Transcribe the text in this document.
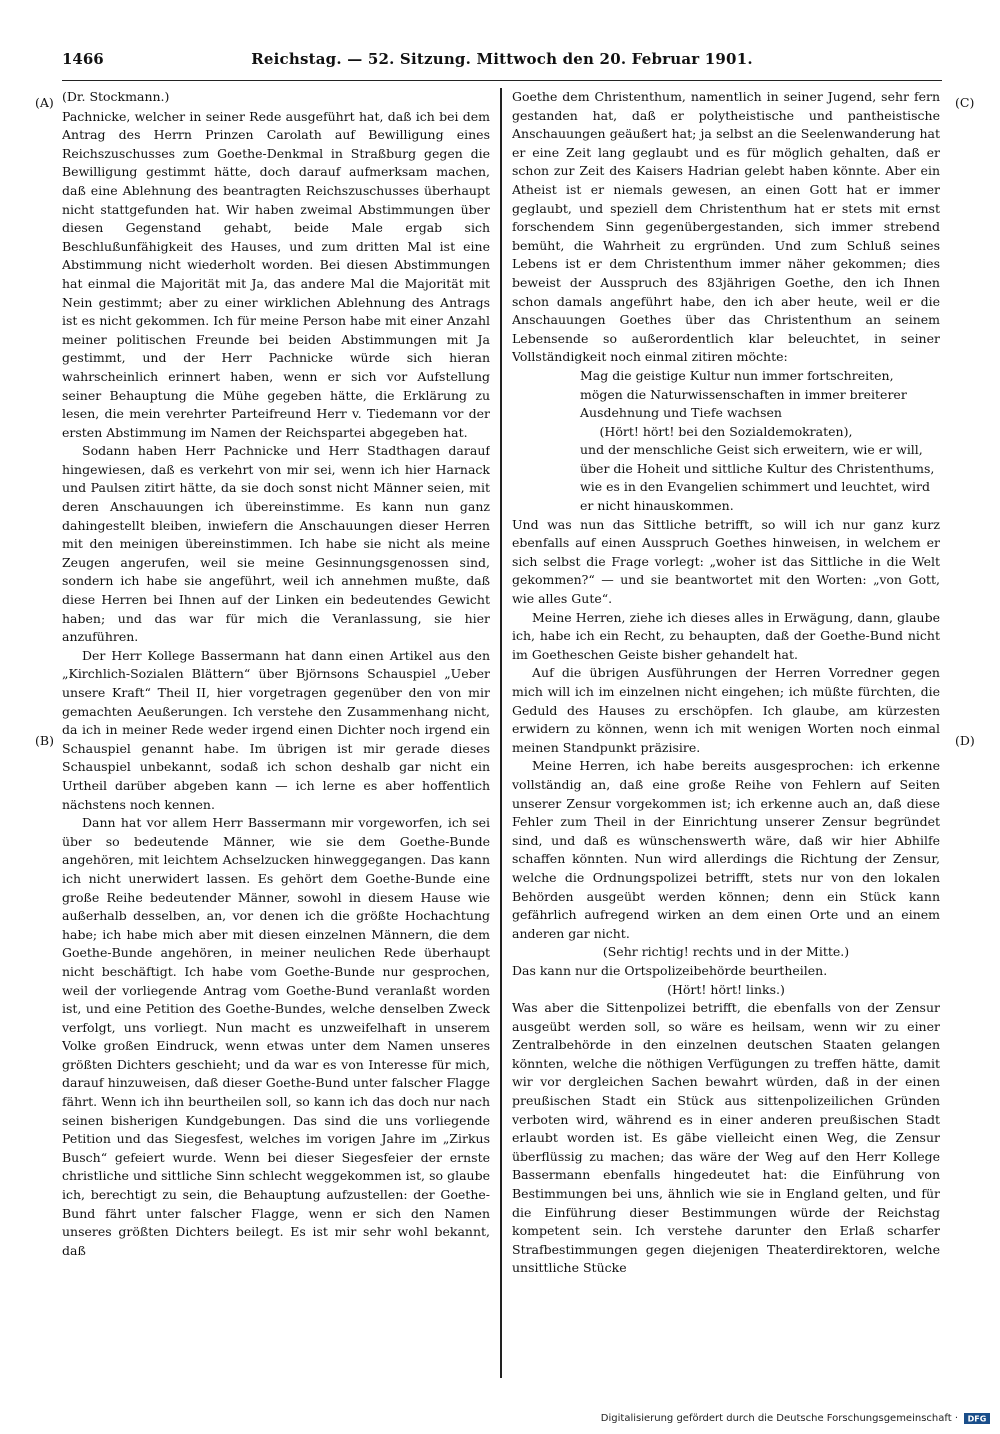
1466	Reichstag. — 52. Sitzung. Mittwoch den 20. Februar 1901.
(A)
(B)
(C)
(D)

(Dr. Stockmann.)

Pachnicke, welcher in seiner Rede ausgeführt hat, daß ich bei dem Antrag des Herrn Prinzen Carolath auf Bewilligung eines Reichszuschusses zum Goethe-Denkmal in Straßburg gegen die Bewilligung gestimmt hätte, doch darauf aufmerksam machen, daß eine Ablehnung des beantragten Reichszuschusses überhaupt nicht stattgefunden hat. Wir haben zweimal Abstimmungen über diesen Gegenstand gehabt, beide Male ergab sich Beschlußunfähigkeit des Hauses, und zum dritten Mal ist eine Abstimmung nicht wiederholt worden. Bei diesen Abstimmungen hat einmal die Majorität mit Ja, das andere Mal die Majorität mit Nein gestimmt; aber zu einer wirklichen Ablehnung des Antrags ist es nicht gekommen. Ich für meine Person habe mit einer Anzahl meiner politischen Freunde bei beiden Abstimmungen mit Ja gestimmt, und der Herr Pachnicke würde sich hieran wahrscheinlich erinnert haben, wenn er sich vor Aufstellung seiner Behauptung die Mühe gegeben hätte, die Erklärung zu lesen, die mein verehrter Parteifreund Herr v. Tiedemann vor der ersten Abstimmung im Namen der Reichspartei abgegeben hat.

Sodann haben Herr Pachnicke und Herr Stadthagen darauf hingewiesen, daß es verkehrt von mir sei, wenn ich hier Harnack und Paulsen zitirt hätte, da sie doch sonst nicht Männer seien, mit deren Anschauungen ich übereinstimme. Es kann nun ganz dahingestellt bleiben, inwiefern die Anschauungen dieser Herren mit den meinigen übereinstimmen. Ich habe sie nicht als meine Zeugen angerufen, weil sie meine Gesinnungsgenossen sind, sondern ich habe sie angeführt, weil ich annehmen mußte, daß diese Herren bei Ihnen auf der Linken ein bedeutendes Gewicht haben; und das war für mich die Veranlassung, sie hier anzuführen.

Der Herr Kollege Bassermann hat dann einen Artikel aus den „Kirchlich-Sozialen Blättern“ über Björnsons Schauspiel „Ueber unsere Kraft“ Theil II, hier vorgetragen gegenüber den von mir gemachten Aeußerungen. Ich verstehe den Zusammenhang nicht, da ich in meiner Rede weder irgend einen Dichter noch irgend ein Schauspiel genannt habe. Im übrigen ist mir gerade dieses Schauspiel unbekannt, sodaß ich schon deshalb gar nicht ein Urtheil darüber abgeben kann — ich lerne es aber hoffentlich nächstens noch kennen.

Dann hat vor allem Herr Bassermann mir vorgeworfen, ich sei über so bedeutende Männer, wie sie dem Goethe-Bunde angehören, mit leichtem Achselzucken hinweggegangen. Das kann ich nicht unerwidert lassen. Es gehört dem Goethe-Bunde eine große Reihe bedeutender Männer, sowohl in diesem Hause wie außerhalb desselben, an, vor denen ich die größte Hochachtung habe; ich habe mich aber mit diesen einzelnen Männern, die dem Goethe-Bunde angehören, in meiner neulichen Rede überhaupt nicht beschäftigt. Ich habe vom Goethe-Bunde nur gesprochen, weil der vorliegende Antrag vom Goethe-Bund veranlaßt worden ist, und eine Petition des Goethe-Bundes, welche denselben Zweck verfolgt, uns vorliegt. Nun macht es unzweifelhaft in unserem Volke großen Eindruck, wenn etwas unter dem Namen unseres größten Dichters geschieht; und da war es von Interesse für mich, darauf hinzuweisen, daß dieser Goethe-Bund unter falscher Flagge fährt. Wenn ich ihn beurtheilen soll, so kann ich das doch nur nach seinen bisherigen Kundgebungen. Das sind die uns vorliegende Petition und das Siegesfest, welches im vorigen Jahre im „Zirkus Busch“ gefeiert wurde. Wenn bei dieser Siegesfeier der ernste christliche und sittliche Sinn schlecht weggekommen ist, so glaube ich, berechtigt zu sein, die Behauptung aufzustellen: der Goethe-Bund fährt unter falscher Flagge, wenn er sich den Namen unseres größten Dichters beilegt. Es ist mir sehr wohl bekannt, daß

Goethe dem Christenthum, namentlich in seiner Jugend, sehr fern gestanden hat, daß er polytheistische und pantheistische Anschauungen geäußert hat; ja selbst an die Seelenwanderung hat er eine Zeit lang geglaubt und es für möglich gehalten, daß er schon zur Zeit des Kaisers Hadrian gelebt haben könnte. Aber ein Atheist ist er niemals gewesen, an einen Gott hat er immer geglaubt, und speziell dem Christenthum hat er stets mit ernst forschendem Sinn gegenübergestanden, sich immer strebend bemüht, die Wahrheit zu ergründen. Und zum Schluß seines Lebens ist er dem Christenthum immer näher gekommen; dies beweist der Ausspruch des 83jährigen Goethe, den ich Ihnen schon damals angeführt habe, den ich aber heute, weil er die Anschauungen Goethes über das Christenthum an seinem Lebensende so außerordentlich klar beleuchtet, in seiner Vollständigkeit noch einmal zitiren möchte:

Mag die geistige Kultur nun immer fortschreiten, mögen die Naturwissenschaften in immer breiterer Ausdehnung und Tiefe wachsen

(Hört! hört! bei den Sozialdemokraten),

und der menschliche Geist sich erweitern, wie er will, über die Hoheit und sittliche Kultur des Christenthums, wie es in den Evangelien schimmert und leuchtet, wird er nicht hinauskommen.

Und was nun das Sittliche betrifft, so will ich nur ganz kurz ebenfalls auf einen Ausspruch Goethes hinweisen, in welchem er sich selbst die Frage vorlegt: „woher ist das Sittliche in die Welt gekommen?“ — und sie beantwortet mit den Worten: „von Gott, wie alles Gute“.

Meine Herren, ziehe ich dieses alles in Erwägung, dann, glaube ich, habe ich ein Recht, zu behaupten, daß der Goethe-Bund nicht im Goetheschen Geiste bisher gehandelt hat.

Auf die übrigen Ausführungen der Herren Vorredner gegen mich will ich im einzelnen nicht eingehen; ich müßte fürchten, die Geduld des Hauses zu erschöpfen. Ich glaube, am kürzesten erwidern zu können, wenn ich mit wenigen Worten noch einmal meinen Standpunkt präzisire.

Meine Herren, ich habe bereits ausgesprochen: ich erkenne vollständig an, daß eine große Reihe von Fehlern auf Seiten unserer Zensur vorgekommen ist; ich erkenne auch an, daß diese Fehler zum Theil in der Einrichtung unserer Zensur begründet sind, und daß es wünschenswerth wäre, daß wir hier Abhilfe schaffen könnten. Nun wird allerdings die Richtung der Zensur, welche die Ordnungspolizei betrifft, stets nur von den lokalen Behörden ausgeübt werden können; denn ein Stück kann gefährlich aufregend wirken an dem einen Orte und an einem anderen gar nicht.

(Sehr richtig! rechts und in der Mitte.)

Das kann nur die Ortspolizeibehörde beurtheilen.

(Hört! hört! links.)

Was aber die Sittenpolizei betrifft, die ebenfalls von der Zensur ausgeübt werden soll, so wäre es heilsam, wenn wir zu einer Zentralbehörde in den einzelnen deutschen Staaten gelangen könnten, welche die nöthigen Verfügungen zu treffen hätte, damit wir vor dergleichen Sachen bewahrt würden, daß in der einen preußischen Stadt ein Stück aus sittenpolizeilichen Gründen verboten wird, während es in einer anderen preußischen Stadt erlaubt worden ist. Es gäbe vielleicht einen Weg, die Zensur überflüssig zu machen; das wäre der Weg auf den Herr Kollege Bassermann ebenfalls hingedeutet hat: die Einführung von Bestimmungen bei uns, ähnlich wie sie in England gelten, und für die Einführung dieser Bestimmungen würde der Reichstag kompetent sein. Ich verstehe darunter den Erlaß scharfer Strafbestimmungen gegen diejenigen Theaterdirektoren, welche unsittliche Stücke

Digitalisierung gefördert durch die Deutsche Forschungsgemeinschaft · DFG
